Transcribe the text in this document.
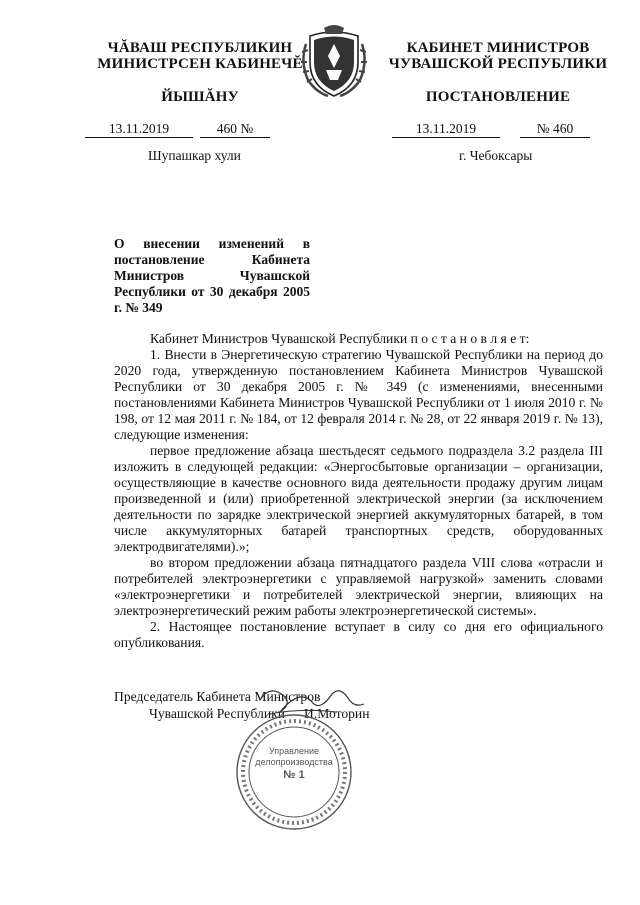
ЧĂВАШ РЕСПУБЛИКИН
МИНИСТРСЕН КАБИНЕЧĔ
ЙЫШĂНУ
КАБИНЕТ МИНИСТРОВ
ЧУВАШСКОЙ РЕСПУБЛИКИ
ПОСТАНОВЛЕНИЕ
13.11.2019	460 №	13.11.2019	№ 460
Шупашкар хули	г. Чебоксары
О внесении изменений в постановление Кабинета Министров Чувашской Республики от 30 декабря 2005 г. № 349

Кабинет Министров Чувашской Республики п о с т а н о в л я е т:

1. Внести в Энергетическую стратегию Чувашской Республики на период до 2020 года, утвержденную постановлением Кабинета Министров Чувашской Республики от 30 декабря 2005 г. № 349 (с изменениями, внесенными постановлениями Кабинета Министров Чувашской Республики от 1 июля 2010 г. № 198, от 12 мая 2011 г. № 184, от 12 февраля 2014 г. № 28, от 22 января 2019 г. № 13), следующие изменения:

первое предложение абзаца шестьдесят седьмого подраздела 3.2 раздела III изложить в следующей редакции: «Энергосбытовые организации – организации, осуществляющие в качестве основного вида деятельности продажу другим лицам произведенной и (или) приобретенной электрической энергии (за исключением деятельности по зарядке электрической энергией аккумуляторных батарей, в том числе аккумуляторных батарей транспортных средств, оборудованных электродвигателями).»;

во втором предложении абзаца пятнадцатого раздела VIII слова «отрасли и потребителей электроэнергетики с управляемой нагрузкой» заменить словами «электроэнергетики и потребителей электрической энергии, влияющих на электроэнергетический режим работы электроэнергетической системы».

2. Настоящее постановление вступает в силу со дня его официального опубликования.

Председатель Кабинета Министров
Чувашской Республики – И.Моторин
Управление
делопроизводства
№ 1
